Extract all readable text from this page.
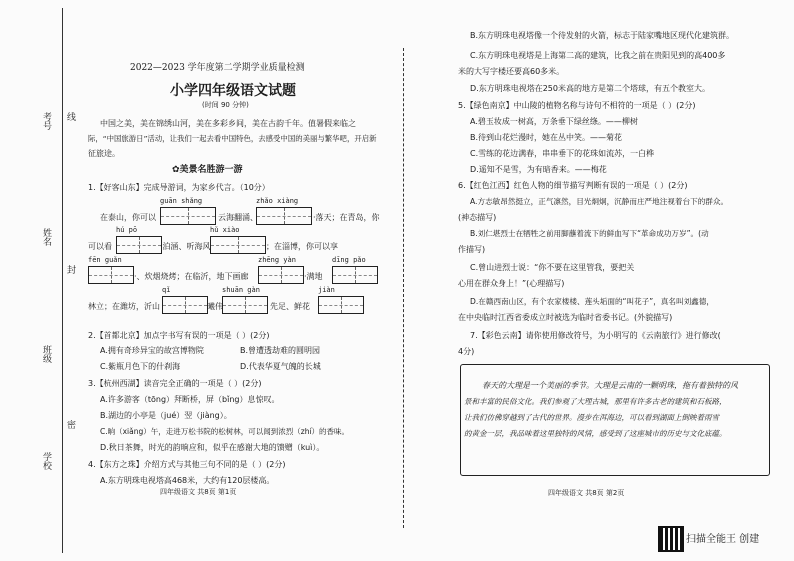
考号 线
姓名
封
班级
密
学校
2022—2023 学年度第二学期学业质量检测
小学四年级语文试题
(时间 90 分钟)
中国之美，美在锦绣山河，美在多彩乡间，美在古韵千年。值暑假来临之
际，“中国旅游日”活动，让我们一起去看中国特色，去感受中国的美丽与繁华吧，开启新
征旅途。
✿美景名胜游一游
1.【好客山东】完成导游词，为家乡代言。（10分）
guān shǎng	zhǎo xiàng
在泰山，你可以	云海翻涌、	·落天；在青岛，你
hú pō	hǔ xiào
可以看	·泊涵、听海风	；在淄博，你可以享
fēn guǎn	zhēng yàn	dīng pǎo
·、炊烟烧烤；在临沂，地下画廊	·满地
qǐ	shuān gàn	jiàn
林立；在潍坊，沂山	曦伟	先足、鲜花
2.【首都北京】加点字书写有误的一项是（ ）(2分)
A.拥有奇珍异宝的故宫博物院	B.曾遭透劫难的圆明园
C.紫瓶月色下的什刹海	D.代表华夏气魄的长城
3.【杭州西湖】读音完全正确的一项是（ ）(2分)
A.许多游客（tōng）拜断桥，屏（bǐng）息惊叹。
B.湖边的小亭是（jué）翌（jiàng）。
C.晌（xiǎng）午，走进万松书院的松树林，可以闻到浓烈（zhí）的香味。
D.秋日茶舞，时光的韵晌应和，似乎在感谢大地的馈赠（kuì）。
4.【东方之珠】介绍方式与其他三句不同的是（ ）(2分)
A.东方明珠电视塔高468米，大约有120层楼高。
四年级语文 共8页 第1页
B.东方明珠电视塔像一个待发射的火箭，标志于陆家嘴地区现代化建筑群。
C.东方明珠电视塔是上海第二高的建筑，比我之前在贵阳见到的高400多
米的大写字楼还要高60多米。
D.东方明珠电视塔在250米高的地方是第二个塔球，有五个教室大。
5.【绿色南京】中山陵的植物名称与诗句不相符的一项是（ ）(2分)
A.碧玉妆成一树高，万条垂下绿丝绦。——柳树
B.待到山花烂漫时，她在丛中笑。——菊花
C.雪练的花边满春，串串垂下的花珠如流苏，一白桦
D.遥知不是雪，为有暗香来。——梅花
6.【红色江西】红色人物的细节描写判断有误的一项是（ ）(2分)
A.方志敏昂然挺立，正气凛然，目光炯炯，沉静而庄严地注视着台下的群众。
(神态描写)
B.刘仁堪烈士在牺牲之前用脚蘸着流下的鲜血写下“革命成功万岁”。(动
作描写)
C.曾山进烈士说：“你不要在这里管我，要把关
心用在群众身上！”(心理描写)
D.在赣西南山区，有个农家楼楼、莲头垢面的“叫花子”，真名叫刘鑫德，
在中央临时江西省委成立时被选为临时省委书记。(外貌描写)
7.【彩色云南】请你使用修改符号，为小明写的《云南旅行》进行修改(
4分)
春天的大理是一个美丽的季节。大理是云南的一颗明珠，拖有着独特的风
景和丰富的民俗文化。我们参观了大理古城，那里有许多古老的建筑和石板路，
让我们仿佛穿越到了古代的世界。漫步在洱海边，可以看到湖面上倒映着雨雪
的黄金一层，我品味着这里独特的风情，感受到了这座城市的历史与文化底蕴。
四年级语文 共8页 第2页
扫描全能王 创建
